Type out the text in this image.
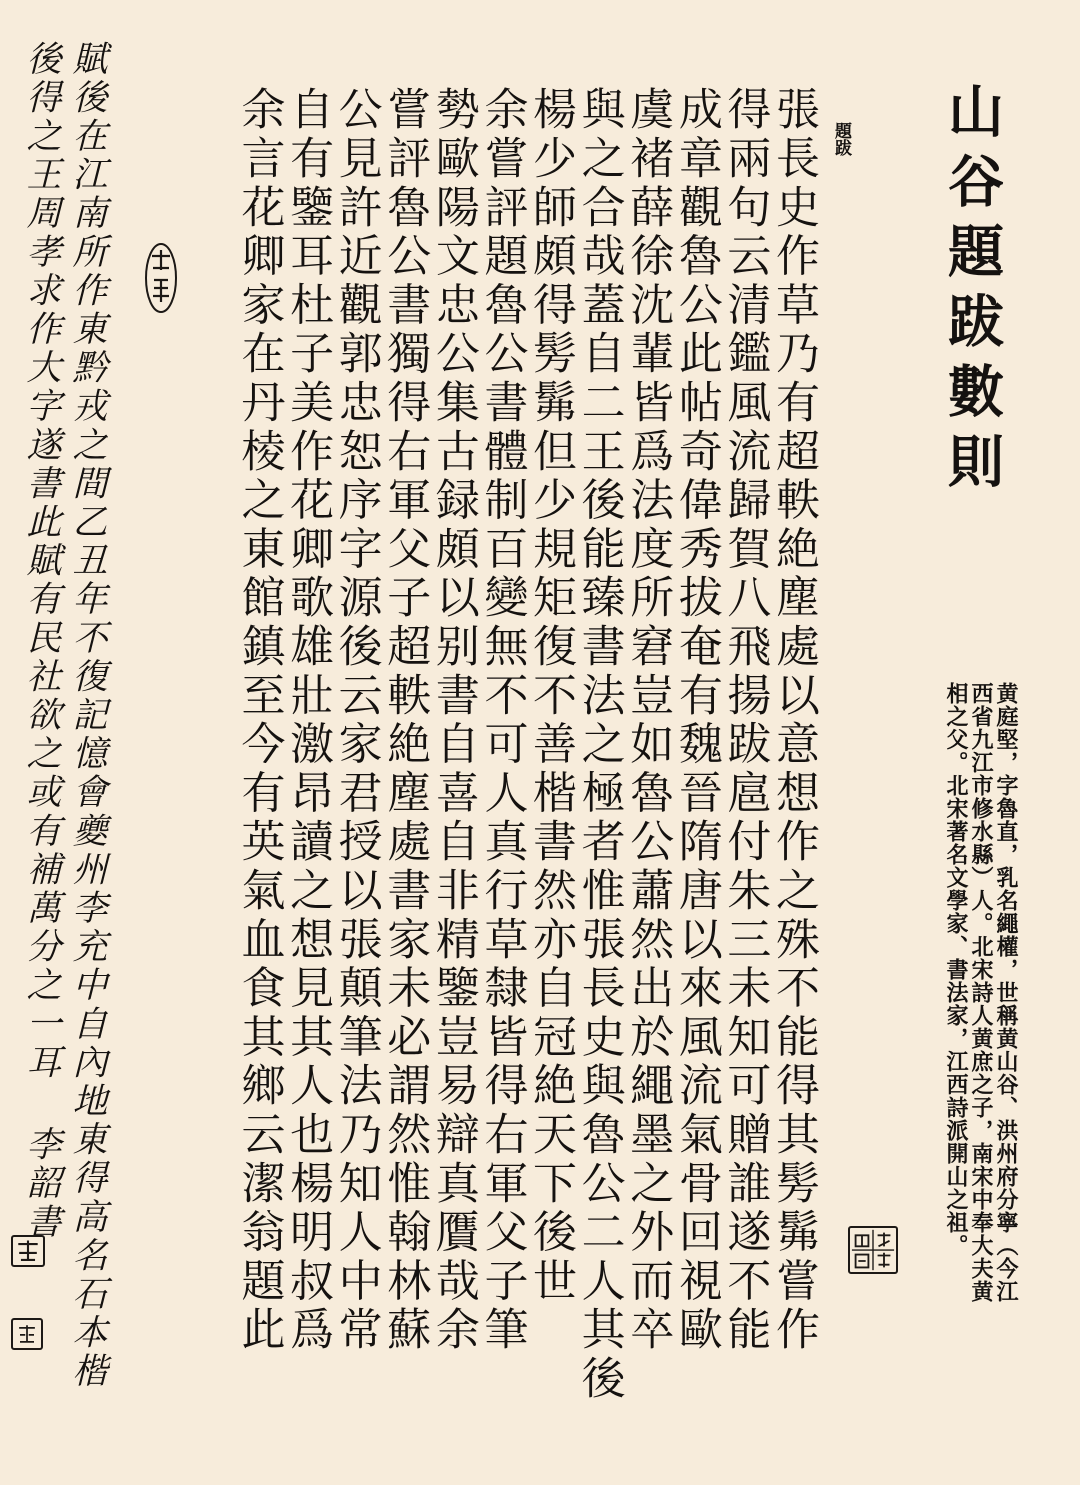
山谷題跋數則
黄庭堅，字魯直，乳名繩權，世稱黄山谷、洪州府分寧（今江
西省九江市修水縣）人。北宋詩人黄庶之子，南宋中奉大夫黄
相之父。北宋著名文學家、書法家，江西詩派開山之祖。
題跋
張長史作草乃有超軼絶塵處以意想作之殊不能得其髣髴嘗作
得兩句云清鑑風流歸賀八飛揚跋扈付朱三未知可贈誰遂不能
成章觀魯公此帖奇偉秀拔奄有魏晉隋唐以來風流氣骨回視歐
虞褚薛徐沈輩皆爲法度所窘豈如魯公蕭然出於繩墨之外而卒
與之合哉蓋自二王後能臻書法之極者惟張長史與魯公二人其後
楊少師頗得髣髴但少規矩復不善楷書然亦自冠絶天下後世
余嘗評題魯公書體制百變無不可人真行草隸皆得右軍父子筆
勢歐陽文忠公集古録頗以别書自喜自非精鑒豈易辯真贋哉余
嘗評魯公書獨得右軍父子超軼絶塵處書家未必謂然惟翰林蘇
公見許近觀郭忠恕序字源後云家君授以張顛筆法乃知人中常
自有鑒耳杜子美作花卿歌雄壯激昂讀之想見其人也楊明叔爲
余言花卿家在丹棱之東館鎮至今有英氣血食其鄉云潔翁題此
賦後在江南所作東黔戎之間乙丑年不復記憶會夔州李充中自內地東得高名石本楷
後得之王周孝求作大字遂書此賦有民社欲之或有補萬分之一耳 李韶書
